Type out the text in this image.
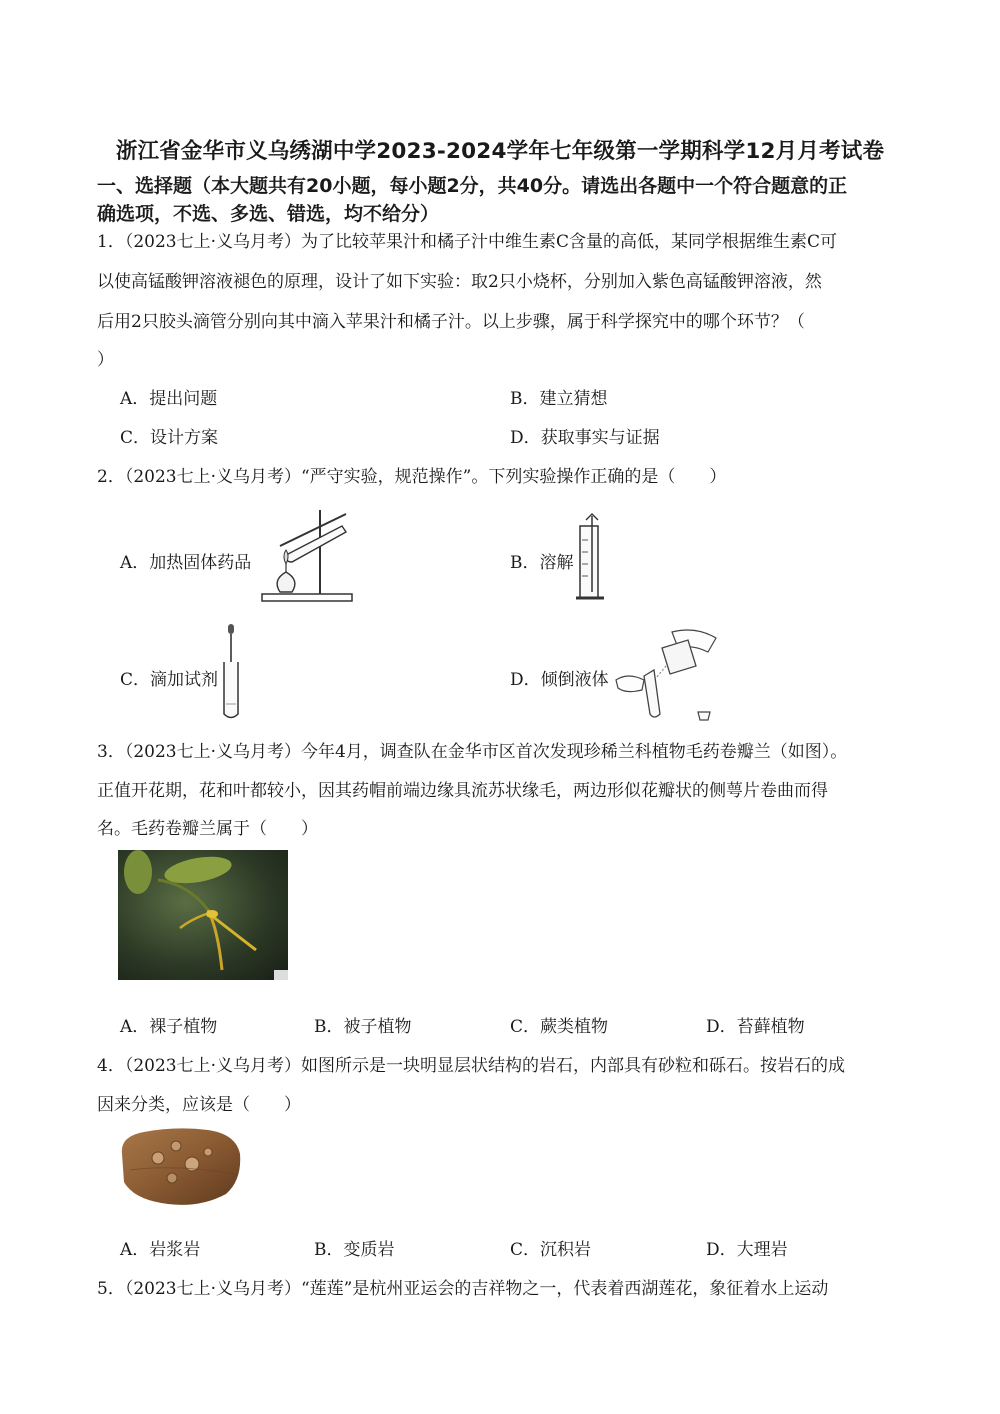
浙江省金华市义乌绣湖中学2023-2024学年七年级第一学期科学12月月考试卷
一、选择题（本大题共有20小题，每小题2分，共40分。请选出各题中一个符合题意的正
确选项，不选、多选、错选，均不给分）
1．（2023七上·义乌月考）为了比较苹果汁和橘子汁中维生素C含量的高低，某同学根据维生素C可
以使高锰酸钾溶液褪色的原理，设计了如下实验：取2只小烧杯，分别加入紫色高锰酸钾溶液，然
后用2只胶头滴管分别向其中滴入苹果汁和橘子汁。以上步骤，属于科学探究中的哪个环节？（
）
A．提出问题	B．建立猜想
C．设计方案	D．获取事实与证据
2．（2023七上·义乌月考）“严守实验，规范操作”。下列实验操作正确的是（　　）
A．加热固体药品	B．溶解
C．滴加试剂	D．倾倒液体
3．（2023七上·义乌月考）今年4月，调查队在金华市区首次发现珍稀兰科植物毛药卷瓣兰（如图）。
正值开花期，花和叶都较小，因其药帽前端边缘具流苏状缘毛，两边形似花瓣状的侧萼片卷曲而得
名。毛药卷瓣兰属于（　　）
A．裸子植物	B．被子植物	C．蕨类植物	D．苔藓植物
4．（2023七上·义乌月考）如图所示是一块明显层状结构的岩石，内部具有砂粒和砾石。按岩石的成
因来分类，应该是（　　）
A．岩浆岩	B．变质岩	C．沉积岩	D．大理岩
5．（2023七上·义乌月考）“莲莲”是杭州亚运会的吉祥物之一，代表着西湖莲花，象征着水上运动
